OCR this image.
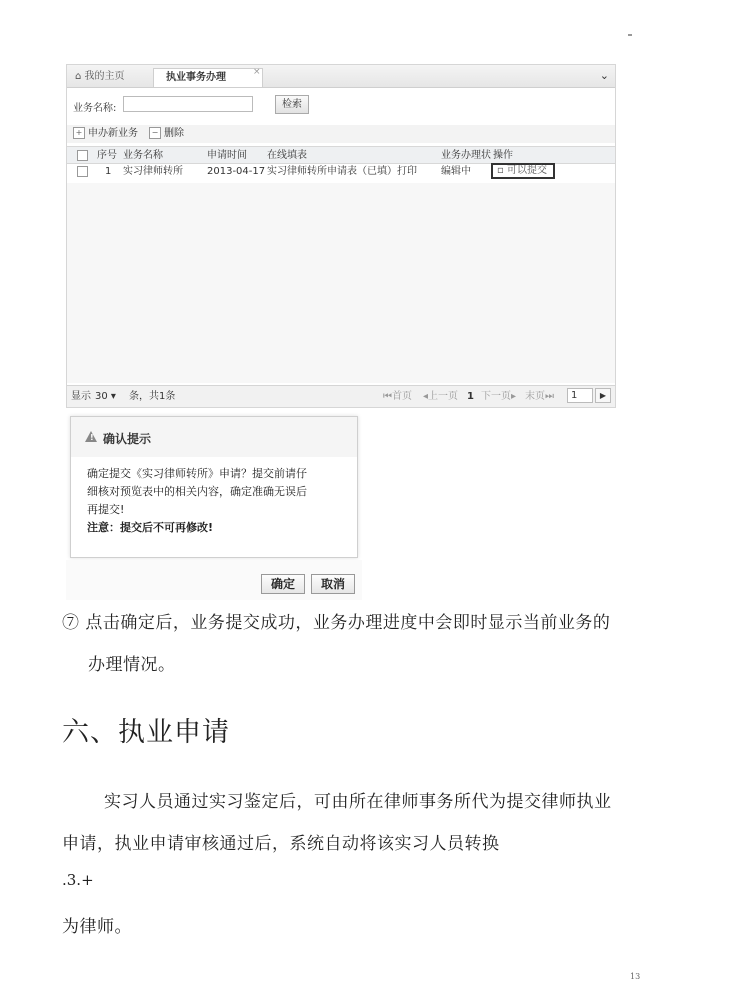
⌂ 我的主页	执业事务办理	×	⌄
业务名称:	检索
+ 申办新业务	− 删除
序号 业务名称	申请时间 在线填表	业务办理状 操作
1 实习律师转所 2013-04-17 实习律师转所申请表（已填）打印 编辑中	▫ 可以提交
显示 30 ▾ 条，共1条	⏮首页 ◂上一页 1 下一页▸ 末页⏭	1	▶
! 确认提示
确定提交《实习律师转所》申请？提交前请仔
细核对预览表中的相关内容，确定准确无误后
再提交!
注意：提交后不可再修改!
确定	取消
⑦ 点击确定后，业务提交成功，业务办理进度中会即时显示当前业务的
办理情况。
六、执业申请
实习人员通过实习鉴定后，可由所在律师事务所代为提交律师执业
申请，执业申请审核通过后，系统自动将该实习人员转换
.3.+
为律师。
13
